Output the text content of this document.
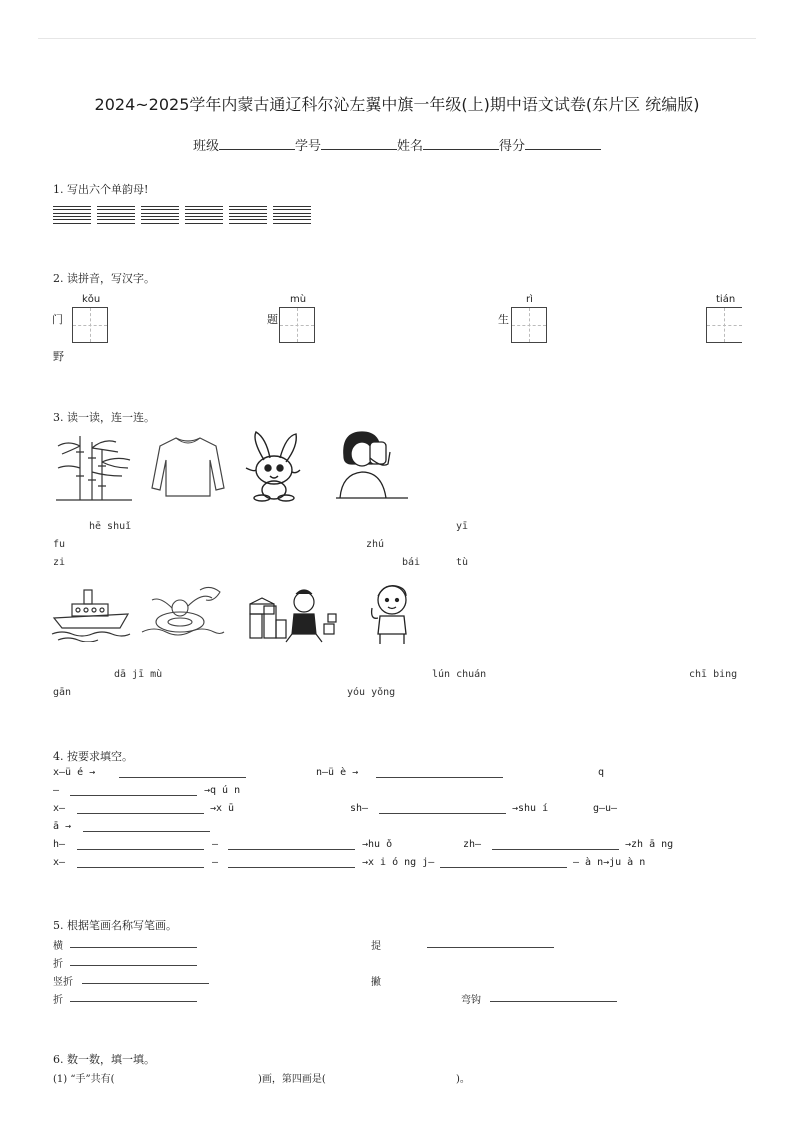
2024~2025学年内蒙古通辽科尔沁左翼中旗一年级(上)期中语文试卷(东片区 统编版)
班级	学号	姓名	得分
1. 写出六个单韵母!
2. 读拼音，写汉字。
kǒu
门
mù
题
rì
生
tián
野
3. 读一读，连一连。
hē shuǐ	yī
fu	zhú
zi	bái	tù
dā jī mù	lún chuán	chī bing
gān	yóu yǒng
4. 按要求填空。
x—ü é →	n—ü è →	q
—	→q ú n
x—	→x ū	sh—	→shu í	g—u—
ā →
h—	—	→hu ǒ	zh—	→zh ā ng
x—	—	→x i ó ng j—	— à n→ju à n
5. 根据笔画名称写笔画。
横	提
折
竖折	撇
折	弯钩
6. 数一数，填一填。
(1) “手”共有(	)画，第四画是(	)。
